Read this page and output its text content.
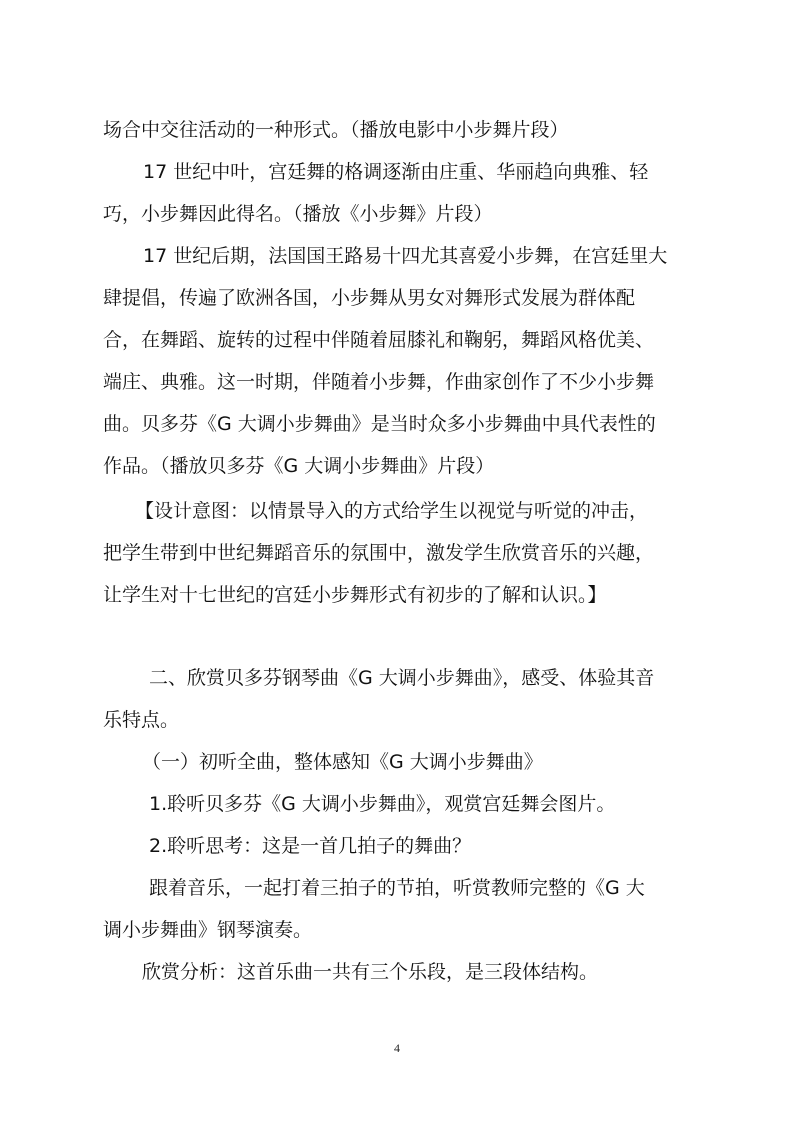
场合中交往活动的一种形式。（播放电影中小步舞片段）
17 世纪中叶，宫廷舞的格调逐渐由庄重、华丽趋向典雅、轻
巧，小步舞因此得名。（播放《小步舞》片段）
17 世纪后期，法国国王路易十四尤其喜爱小步舞，在宫廷里大
肆提倡，传遍了欧洲各国，小步舞从男女对舞形式发展为群体配
合，在舞蹈、旋转的过程中伴随着屈膝礼和鞠躬，舞蹈风格优美、
端庄、典雅。这一时期，伴随着小步舞，作曲家创作了不少小步舞
曲。贝多芬《G 大调小步舞曲》是当时众多小步舞曲中具代表性的
作品。（播放贝多芬《G 大调小步舞曲》片段）
【设计意图：以情景导入的方式给学生以视觉与听觉的冲击，
把学生带到中世纪舞蹈音乐的氛围中，激发学生欣赏音乐的兴趣，
让学生对十七世纪的宫廷小步舞形式有初步的了解和认识。】
二、欣赏贝多芬钢琴曲《G 大调小步舞曲》，感受、体验其音
乐特点。
（一）初听全曲，整体感知《G 大调小步舞曲》
1.聆听贝多芬《G 大调小步舞曲》，观赏宫廷舞会图片。
2.聆听思考：这是一首几拍子的舞曲？
跟着音乐，一起打着三拍子的节拍，听赏教师完整的《G 大
调小步舞曲》钢琴演奏。
欣赏分析：这首乐曲一共有三个乐段，是三段体结构。
4
